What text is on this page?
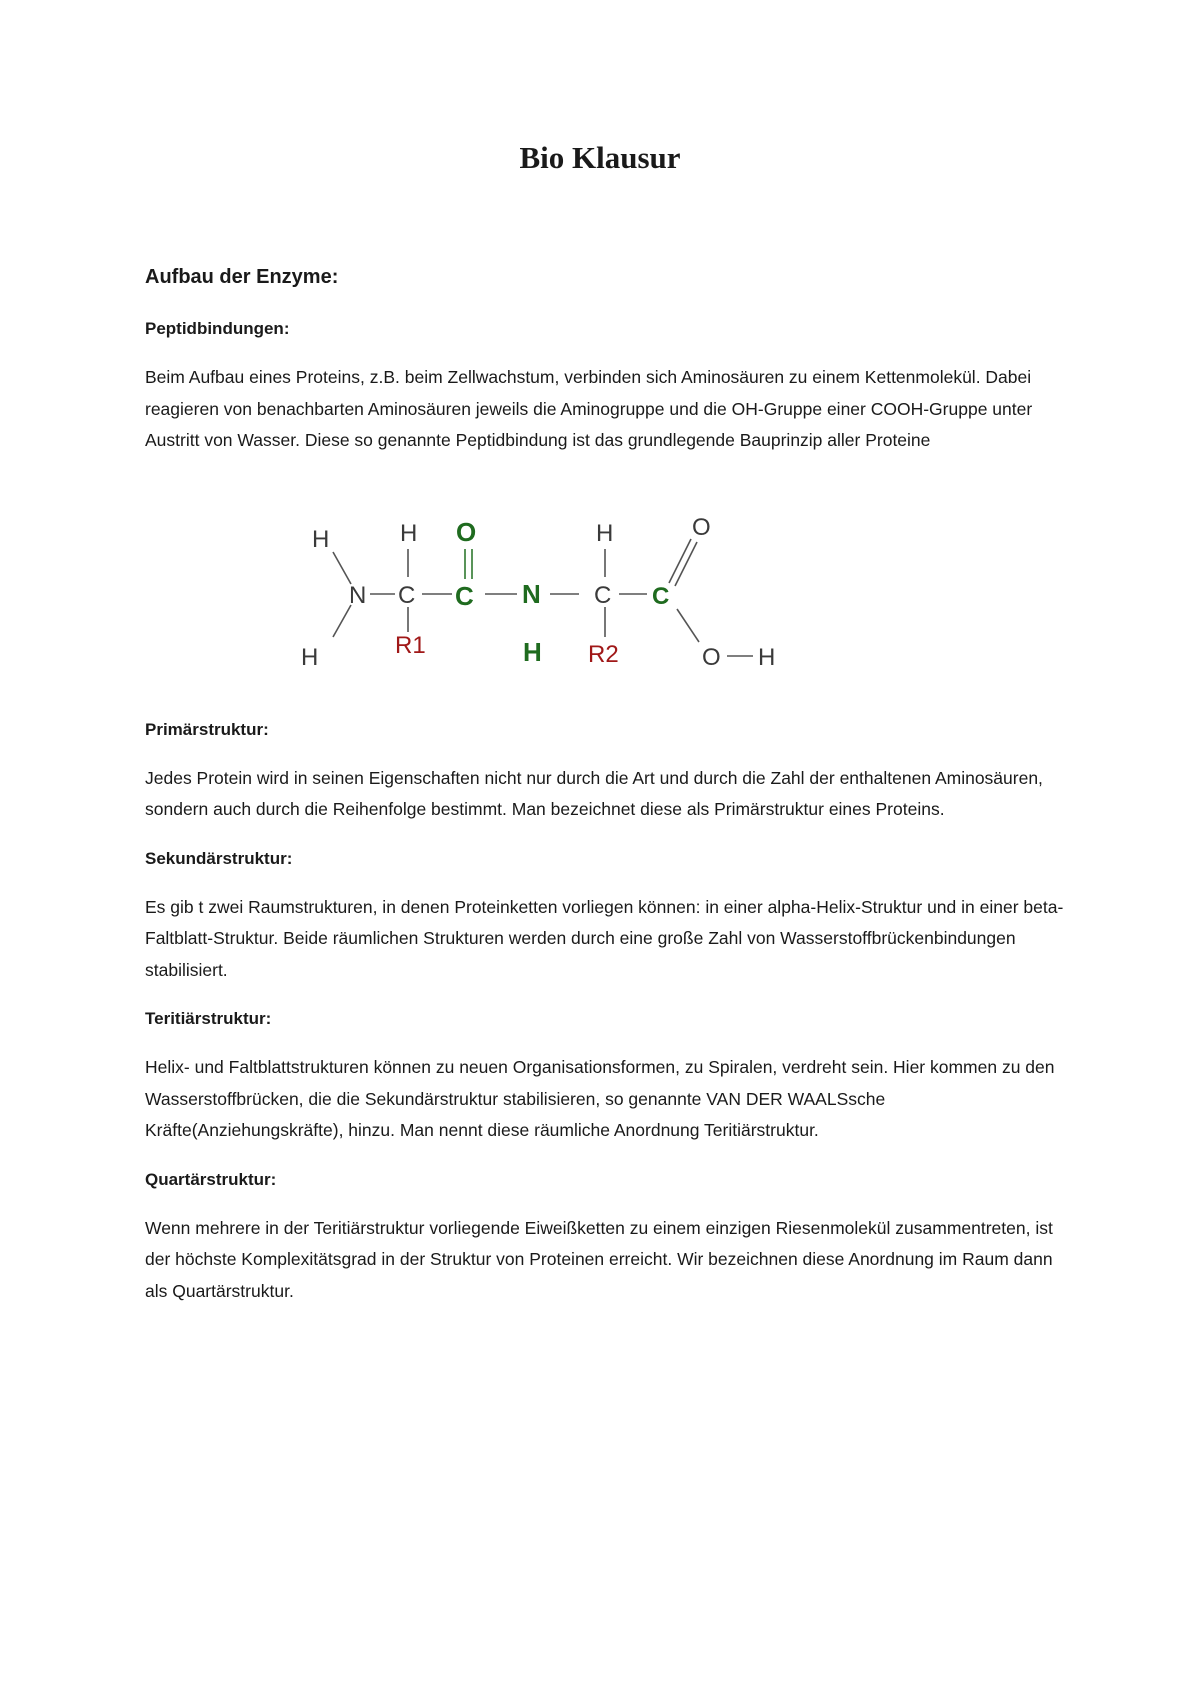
Bio Klausur
Aufbau der Enzyme:
Peptidbindungen:

Beim Aufbau eines Proteins, z.B. beim Zellwachstum, verbinden sich Aminosäuren zu einem Kettenmolekül. Dabei reagieren von benachbarten Aminosäuren jeweils die Aminogruppe und die OH-Gruppe einer COOH-Gruppe unter Austritt von Wasser. Diese so genannte Peptidbindung ist das grundlegende Bauprinzip aller Proteine

H
H
N
H
C
R1
O
C N
H
H
C
R2
C
O
O H
Primärstruktur:

Jedes Protein wird in seinen Eigenschaften nicht nur durch die Art und durch die Zahl der enthaltenen Aminosäuren, sondern auch durch die Reihenfolge bestimmt. Man bezeichnet diese als Primärstruktur eines Proteins.

Sekundärstruktur:

Es gib t zwei Raumstrukturen, in denen Proteinketten vorliegen können: in einer alpha-Helix-Struktur und in einer beta-Faltblatt-Struktur. Beide räumlichen Strukturen werden durch eine große Zahl von Wasserstoffbrückenbindungen stabilisiert.

Teritiärstruktur:

Helix- und Faltblattstrukturen können zu neuen Organisationsformen, zu Spiralen, verdreht sein. Hier kommen zu den Wasserstoffbrücken, die die Sekundärstruktur stabilisieren, so genannte VAN DER WAALSsche Kräfte(Anziehungskräfte), hinzu. Man nennt diese räumliche Anordnung Teritiärstruktur.

Quartärstruktur:

Wenn mehrere in der Teritiärstruktur vorliegende Eiweißketten zu einem einzigen Riesenmolekül zusammentreten, ist der höchste Komplexitätsgrad in der Struktur von Proteinen erreicht. Wir bezeichnen diese Anordnung im Raum dann als Quartärstruktur.
